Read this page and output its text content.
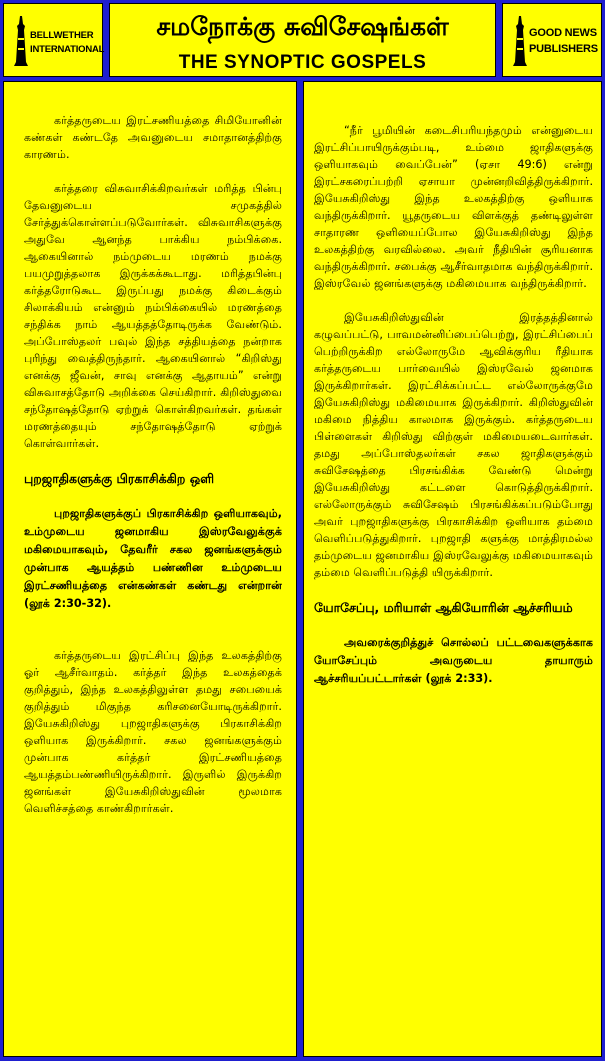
BELLWETHER
INTERNATIONAL
சமநோக்கு சுவிசேஷங்கள்
THE SYNOPTIC GOSPELS
GOOD NEWS
PUBLISHERS

கர்த்தருடைய இரட்சணியத்தை சிமியோனின் கண்கள் கண்டதே அவனுடைய சமாதானத்திற்கு காரணம்.

கர்த்தரை விசுவாசிக்கிறவர்கள் மரித்த பின்பு தேவனுடைய சமுகத்தில் சேர்த்துக்கொள்ளப்படுவோர்கள். விசுவாசிகளுக்கு அதுவே ஆனந்த பாக்கிய நம்பிக்கை. ஆகையினால் நம்முடைய மரணம் நமக்கு பயமுறுத்தலாக இருக்கக்கூடாது. மரித்தபின்பு கர்த்தரோடுகூட இருப்பது நமக்கு கிடைக்கும் சிலாக்கியம் என்னும் நம்பிக்கையில் மரணத்தை சந்திக்க நாம் ஆயத்தத்தோடிருக்க வேண்டும். அப்போஸ்தலர் பவுல் இந்த சத்தியத்தை நன்றாக புரிந்து வைத்திருந்தார். ஆகையினால் “கிறிஸ்து எனக்கு ஜீவன், சாவு எனக்கு ஆதாயம்” என்று விசுவாசத்தோடு அறிக்கை செய்கிறார். கிறிஸ்துவை சந்தோஷத்தோடு ஏற்றுக் கொள்கிறவர்கள். தங்கள் மரணத்தையும் சந்தோஷத்தோடு ஏற்றுக் கொள்வார்கள்.

புறஜாதிகளுக்கு பிரகாசிக்கிற ஒளி

புறஜாதிகளுக்குப் பிரகாசிக்கிற ஒளியாகவும், உம்முடைய ஜனமாகிய இஸ்ரவேலுக்குக் மகிமையாகவும், தேவரீர் சகல ஜனங்களுக்கும் முன்பாக ஆயத்தம் பண்ணின உம்முடைய இரட்சணியத்தை என்கண்கள் கண்டது என்றான் (லூக் 2:30-32).

கர்த்தருடைய இரட்சிப்பு இந்த உலகத்திற்கு ஓர் ஆசீர்வாதம். கர்த்தர் இந்த உலகத்தைக் குறித்தும், இந்த உலகத்திலுள்ள தமது சபையைக் குறித்தும் மிகுந்த கரிசனையோடிருக்கிறார். இயேசுகிறிஸ்து புறஜாதிகளுக்கு பிரகாசிக்கிற ஒளியாக இருக்கிறார். சகல ஜனங்களுக்கும் முன்பாக கர்த்தர் இரட்சணியத்தை ஆயத்தம்பண்ணியிருக்கிறார். இருளில் இருக்கிற ஜனங்கள் இயேசுகிறிஸ்துவின் மூலமாக வெளிச்சத்தை காண்கிறார்கள்.

“நீர் பூமியின் கடைசிபரியந்தமும் என்னுடைய இரட்சிப்பாயிருக்கும்படி, உம்மை ஜாதிகளுக்கு ஒளியாகவும் வைப்பேன்” (ஏசா 49:6) என்று இரட்சகரைப்பற்றி ஏசாயா முன்னறிவித்திருக்கிறார். இயேசுகிறிஸ்து இந்த உலகத்திற்கு ஒளியாக வந்திருக்கிறார். யூதருடைய விளக்குத் தண்டிலுள்ள சாதாரண ஒளியைப்போல இயேசுகிறிஸ்து இந்த உலகத்திற்கு வரவில்லை. அவர் நீதியின் சூரியனாக வந்திருக்கிறார். சபைக்கு ஆசீர்வாதமாக வந்திருக்கிறார். இஸ்ரவேல் ஜனங்களுக்கு மகிமையாக வந்திருக்கிறார்.

இயேசுகிறிஸ்துவின் இரத்தத்தினால் கழுவப்பட்டு, பாவமன்னிப்பைப்பெற்று, இரட்சிப்பைப் பெற்றிருக்கிற எல்லோருமே ஆவிக்குரிய ரீதியாக கர்த்தருடைய பார்வையில் இஸ்ரவேல் ஜனமாக இருக்கிறார்கள். இரட்சிக்கப்பட்ட எல்லோருக்குமே இயேசுகிறிஸ்து மகிமையாக இருக்கிறார். கிறிஸ்துவின் மகிமை நித்திய காலமாக இருக்கும். கர்த்தருடைய பிள்ளைகள் கிறிஸ்து விற்குள் மகிமையடைவார்கள். தமது அப்போஸ்தலர்கள் சகல ஜாதிகளுக்கும் சுவிசேஷத்தை பிரசங்கிக்க வேண்டு மென்று இயேசுகிறிஸ்து கட்டளை கொடுத்திருக்கிறார். எல்லோருக்கும் சுவிசேஷம் பிரசங்கிக்கப்படும்போது அவர் புறஜாதிகளுக்கு பிரகாசிக்கிற ஒளியாக தம்மை வெளிப்படுத்துகிறார். புறஜாதி களுக்கு மாத்திரமல்ல தம்முடைய ஜனமாகிய இஸ்ரவேலுக்கு மகிமையாகவும் தம்மை வெளிப்படுத்தி யிருக்கிறார்.

யோசேப்பு, மரியாள் ஆகியோரின் ஆச்சரியம்

அவரைக்குறித்துச் சொல்லப் பட்டவைகளுக்காக யோசேப்பும் அவருடைய தாயாரும் ஆச்சரியப்பட்டார்கள் (லூக் 2:33).
